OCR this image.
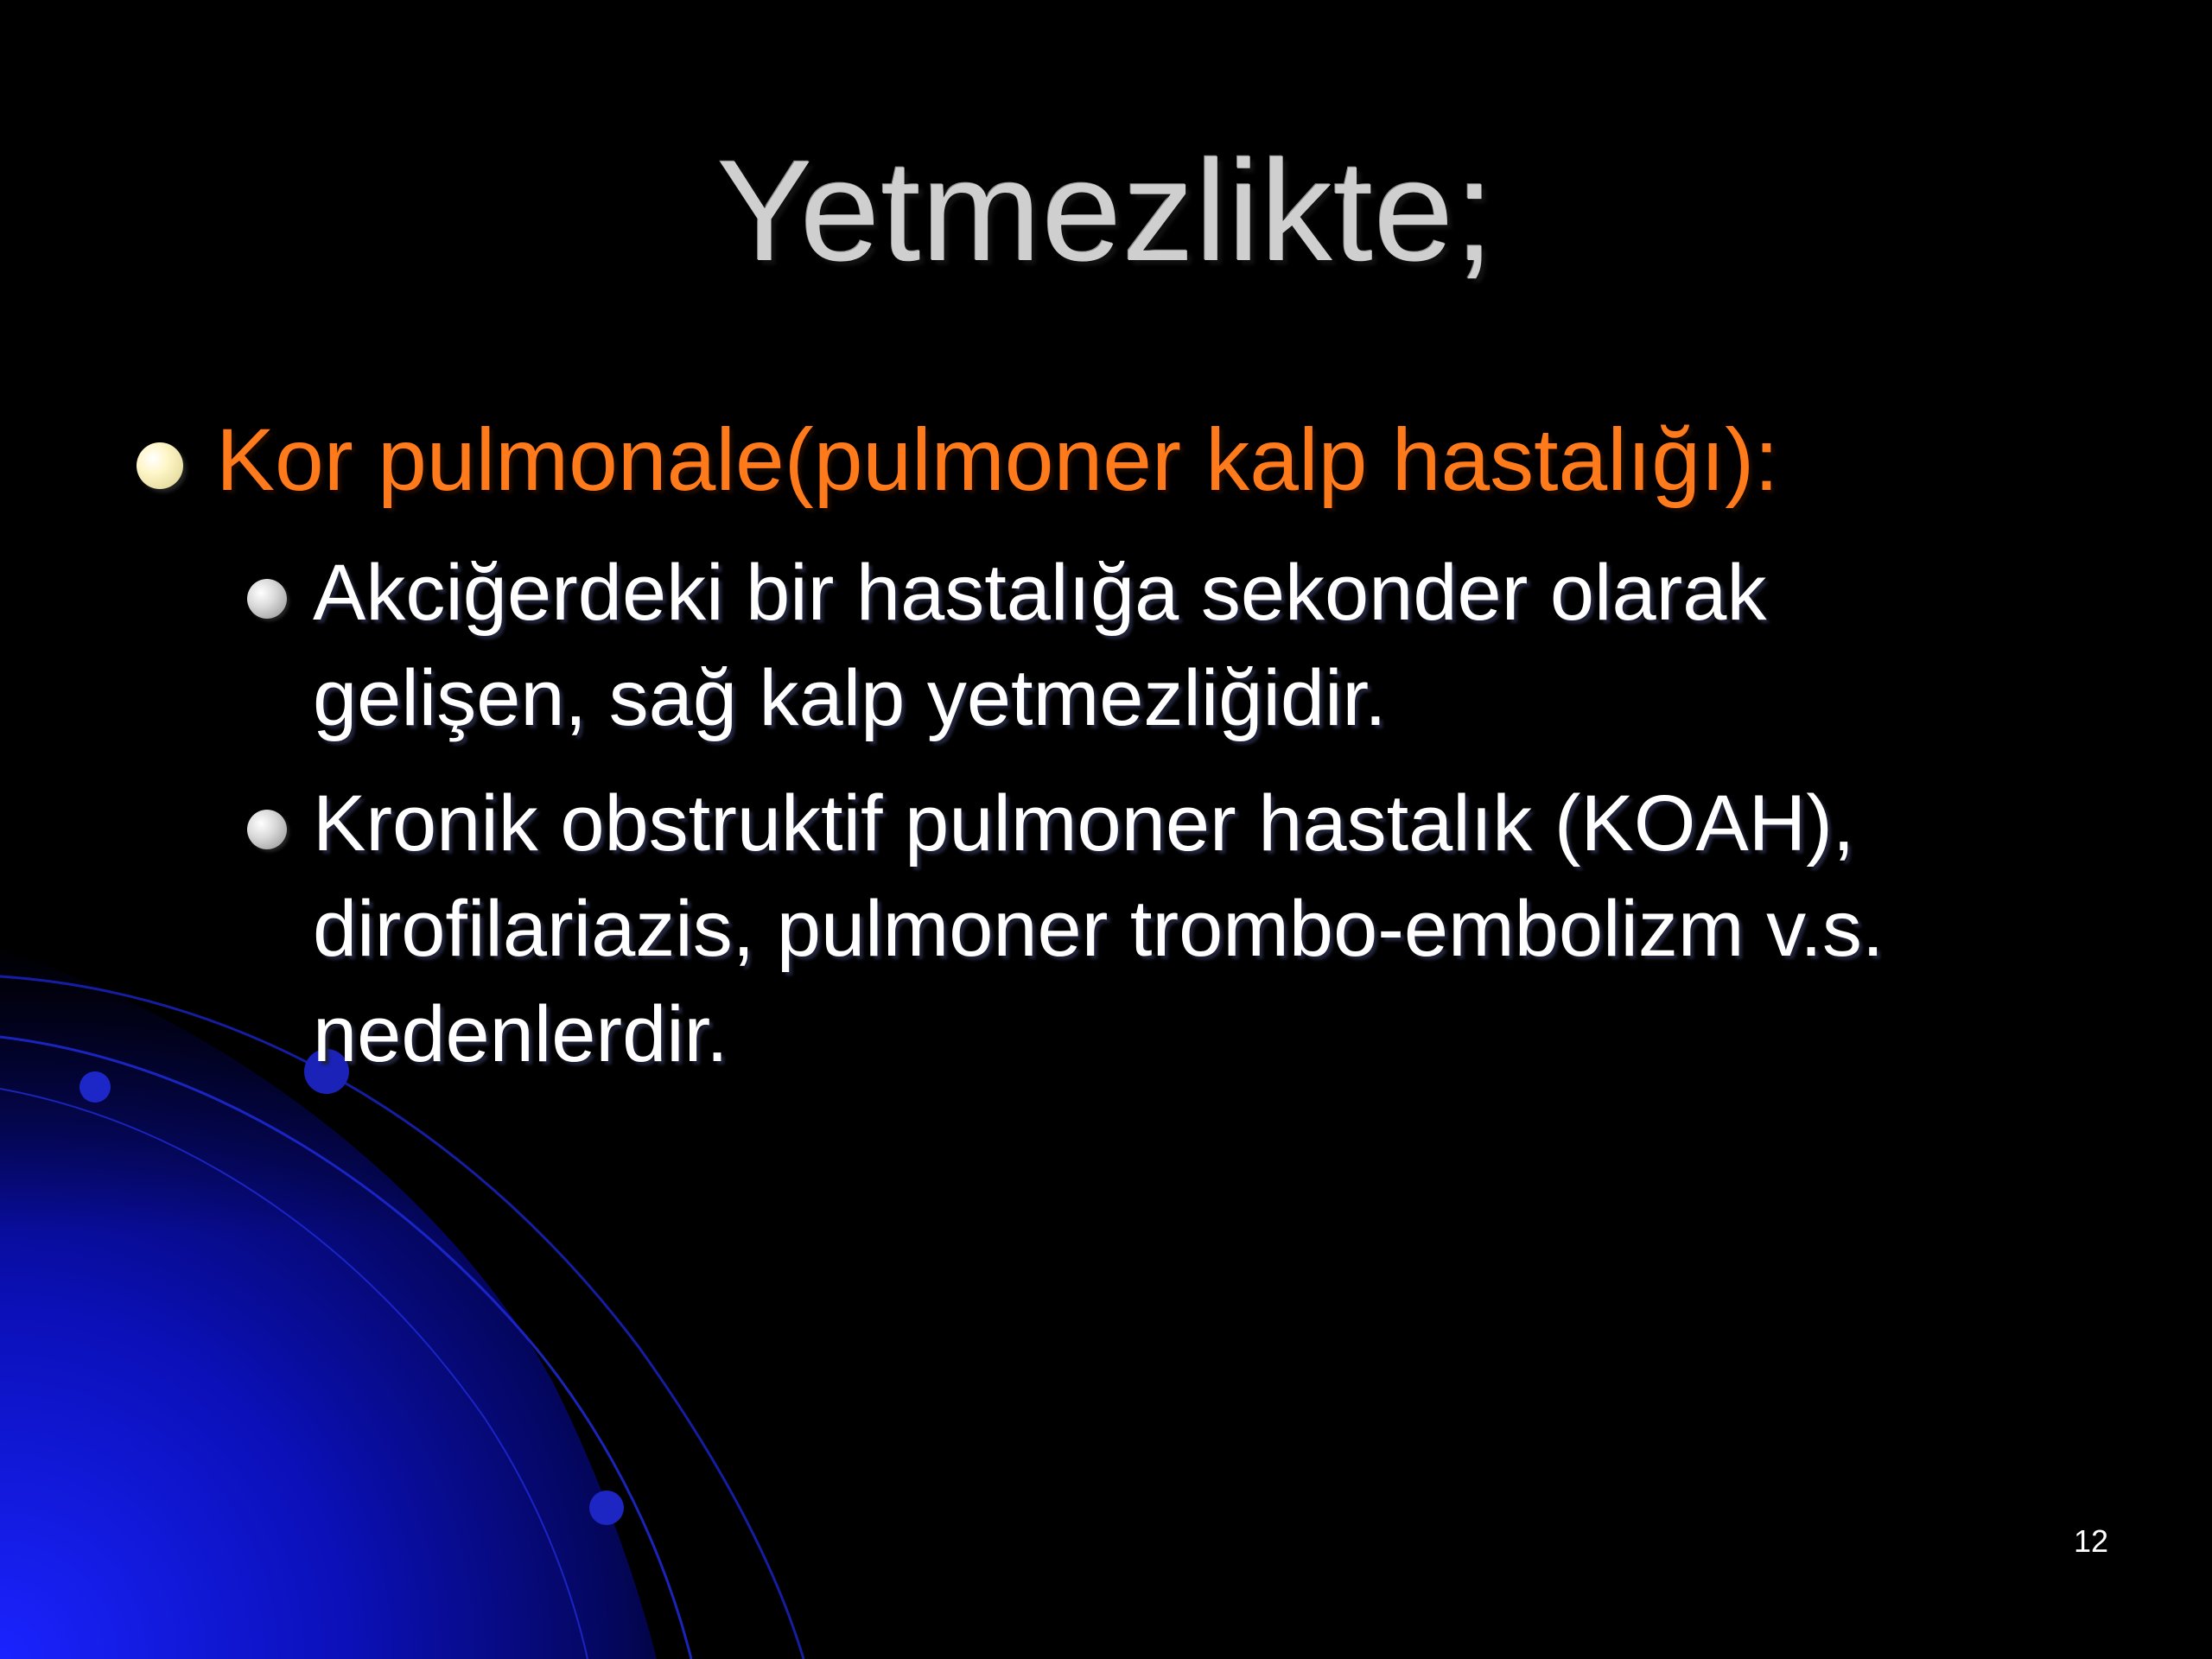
Yetmezlikte;
Kor pulmonale(pulmoner kalp hastalığı):
Akciğerdeki bir hastalığa sekonder olarak gelişen, sağ kalp yetmezliğidir.
Kronik obstruktif pulmoner hastalık (KOAH), dirofilariazis, pulmoner trombo-embolizm v.s. nedenlerdir.
12
